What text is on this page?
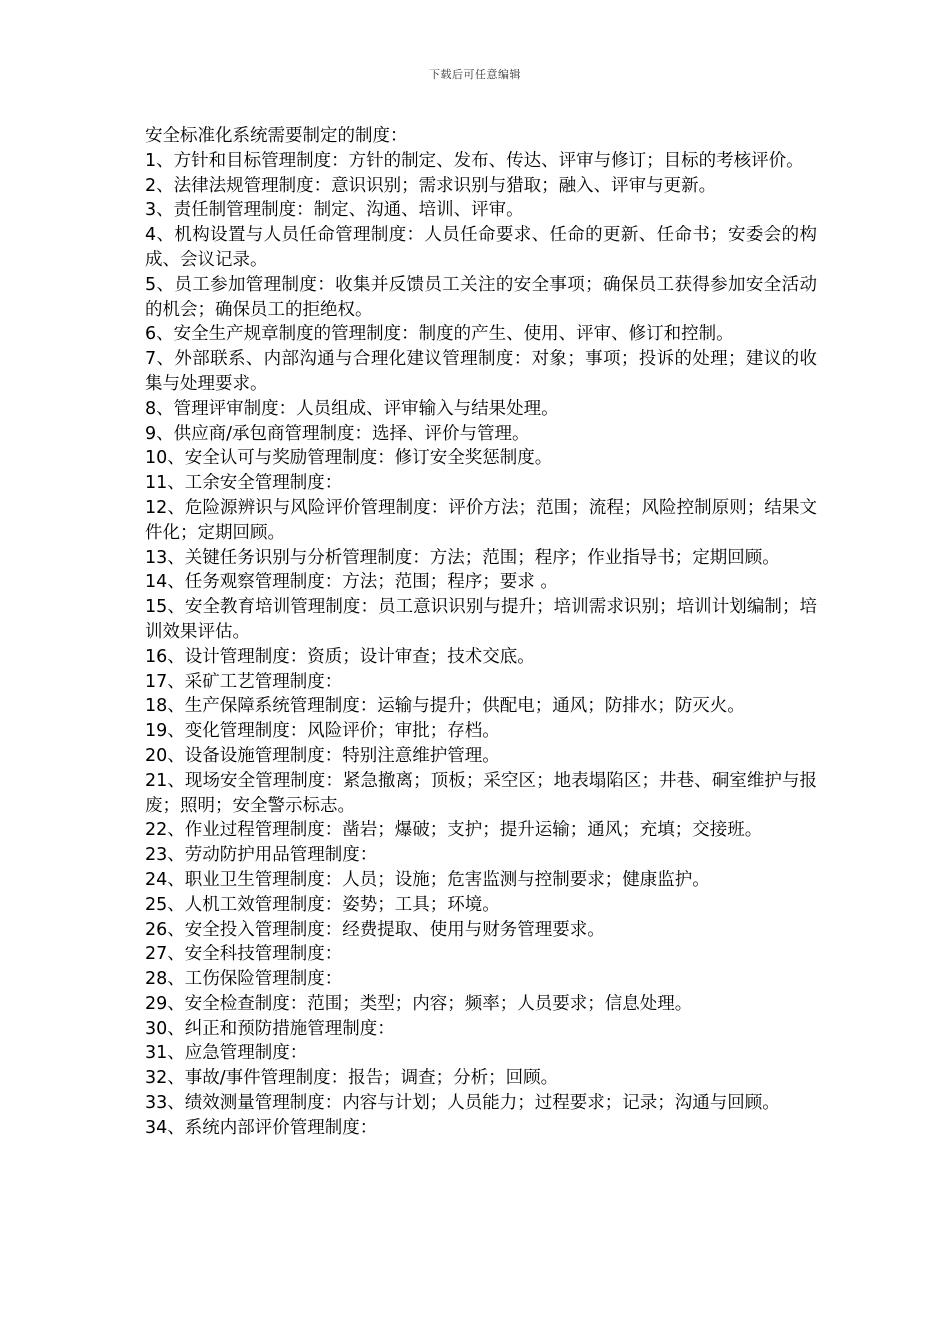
下载后可任意编辑

安全标准化系统需要制定的制度：

1、方针和目标管理制度：方针的制定、发布、传达、评审与修订；目标的考核评价。

2、法律法规管理制度：意识识别；需求识别与猎取；融入、评审与更新。

3、责任制管理制度：制定、沟通、培训、评审。

4、机构设置与人员任命管理制度：人员任命要求、任命的更新、任命书；安委会的构成、会议记录。

5、员工参加管理制度：收集并反馈员工关注的安全事项；确保员工获得参加安全活动的机会；确保员工的拒绝权。

6、安全生产规章制度的管理制度：制度的产生、使用、评审、修订和控制。

7、外部联系、内部沟通与合理化建议管理制度：对象；事项；投诉的处理；建议的收集与处理要求。

8、管理评审制度：人员组成、评审输入与结果处理。

9、供应商/承包商管理制度：选择、评价与管理。

10、安全认可与奖励管理制度：修订安全奖惩制度。

11、工余安全管理制度：

12、危险源辨识与风险评价管理制度：评价方法；范围；流程；风险控制原则；结果文件化；定期回顾。

13、关键任务识别与分析管理制度：方法；范围；程序；作业指导书；定期回顾。

14、任务观察管理制度：方法；范围；程序；要求 。

15、安全教育培训管理制度：员工意识识别与提升；培训需求识别；培训计划编制；培训效果评估。

16、设计管理制度：资质；设计审查；技术交底。

17、采矿工艺管理制度：

18、生产保障系统管理制度：运输与提升；供配电；通风；防排水；防灭火。

19、变化管理制度：风险评价；审批；存档。

20、设备设施管理制度：特别注意维护管理。

21、现场安全管理制度：紧急撤离；顶板；采空区；地表塌陷区；井巷、硐室维护与报废；照明；安全警示标志。

22、作业过程管理制度：凿岩；爆破；支护；提升运输；通风；充填；交接班。

23、劳动防护用品管理制度：

24、职业卫生管理制度：人员；设施；危害监测与控制要求；健康监护。

25、人机工效管理制度：姿势；工具；环境。

26、安全投入管理制度：经费提取、使用与财务管理要求。

27、安全科技管理制度：

28、工伤保险管理制度：

29、安全检查制度：范围；类型；内容；频率；人员要求；信息处理。

30、纠正和预防措施管理制度：

31、应急管理制度：

32、事故/事件管理制度：报告；调查；分析；回顾。

33、绩效测量管理制度：内容与计划；人员能力；过程要求；记录；沟通与回顾。

34、系统内部评价管理制度：
